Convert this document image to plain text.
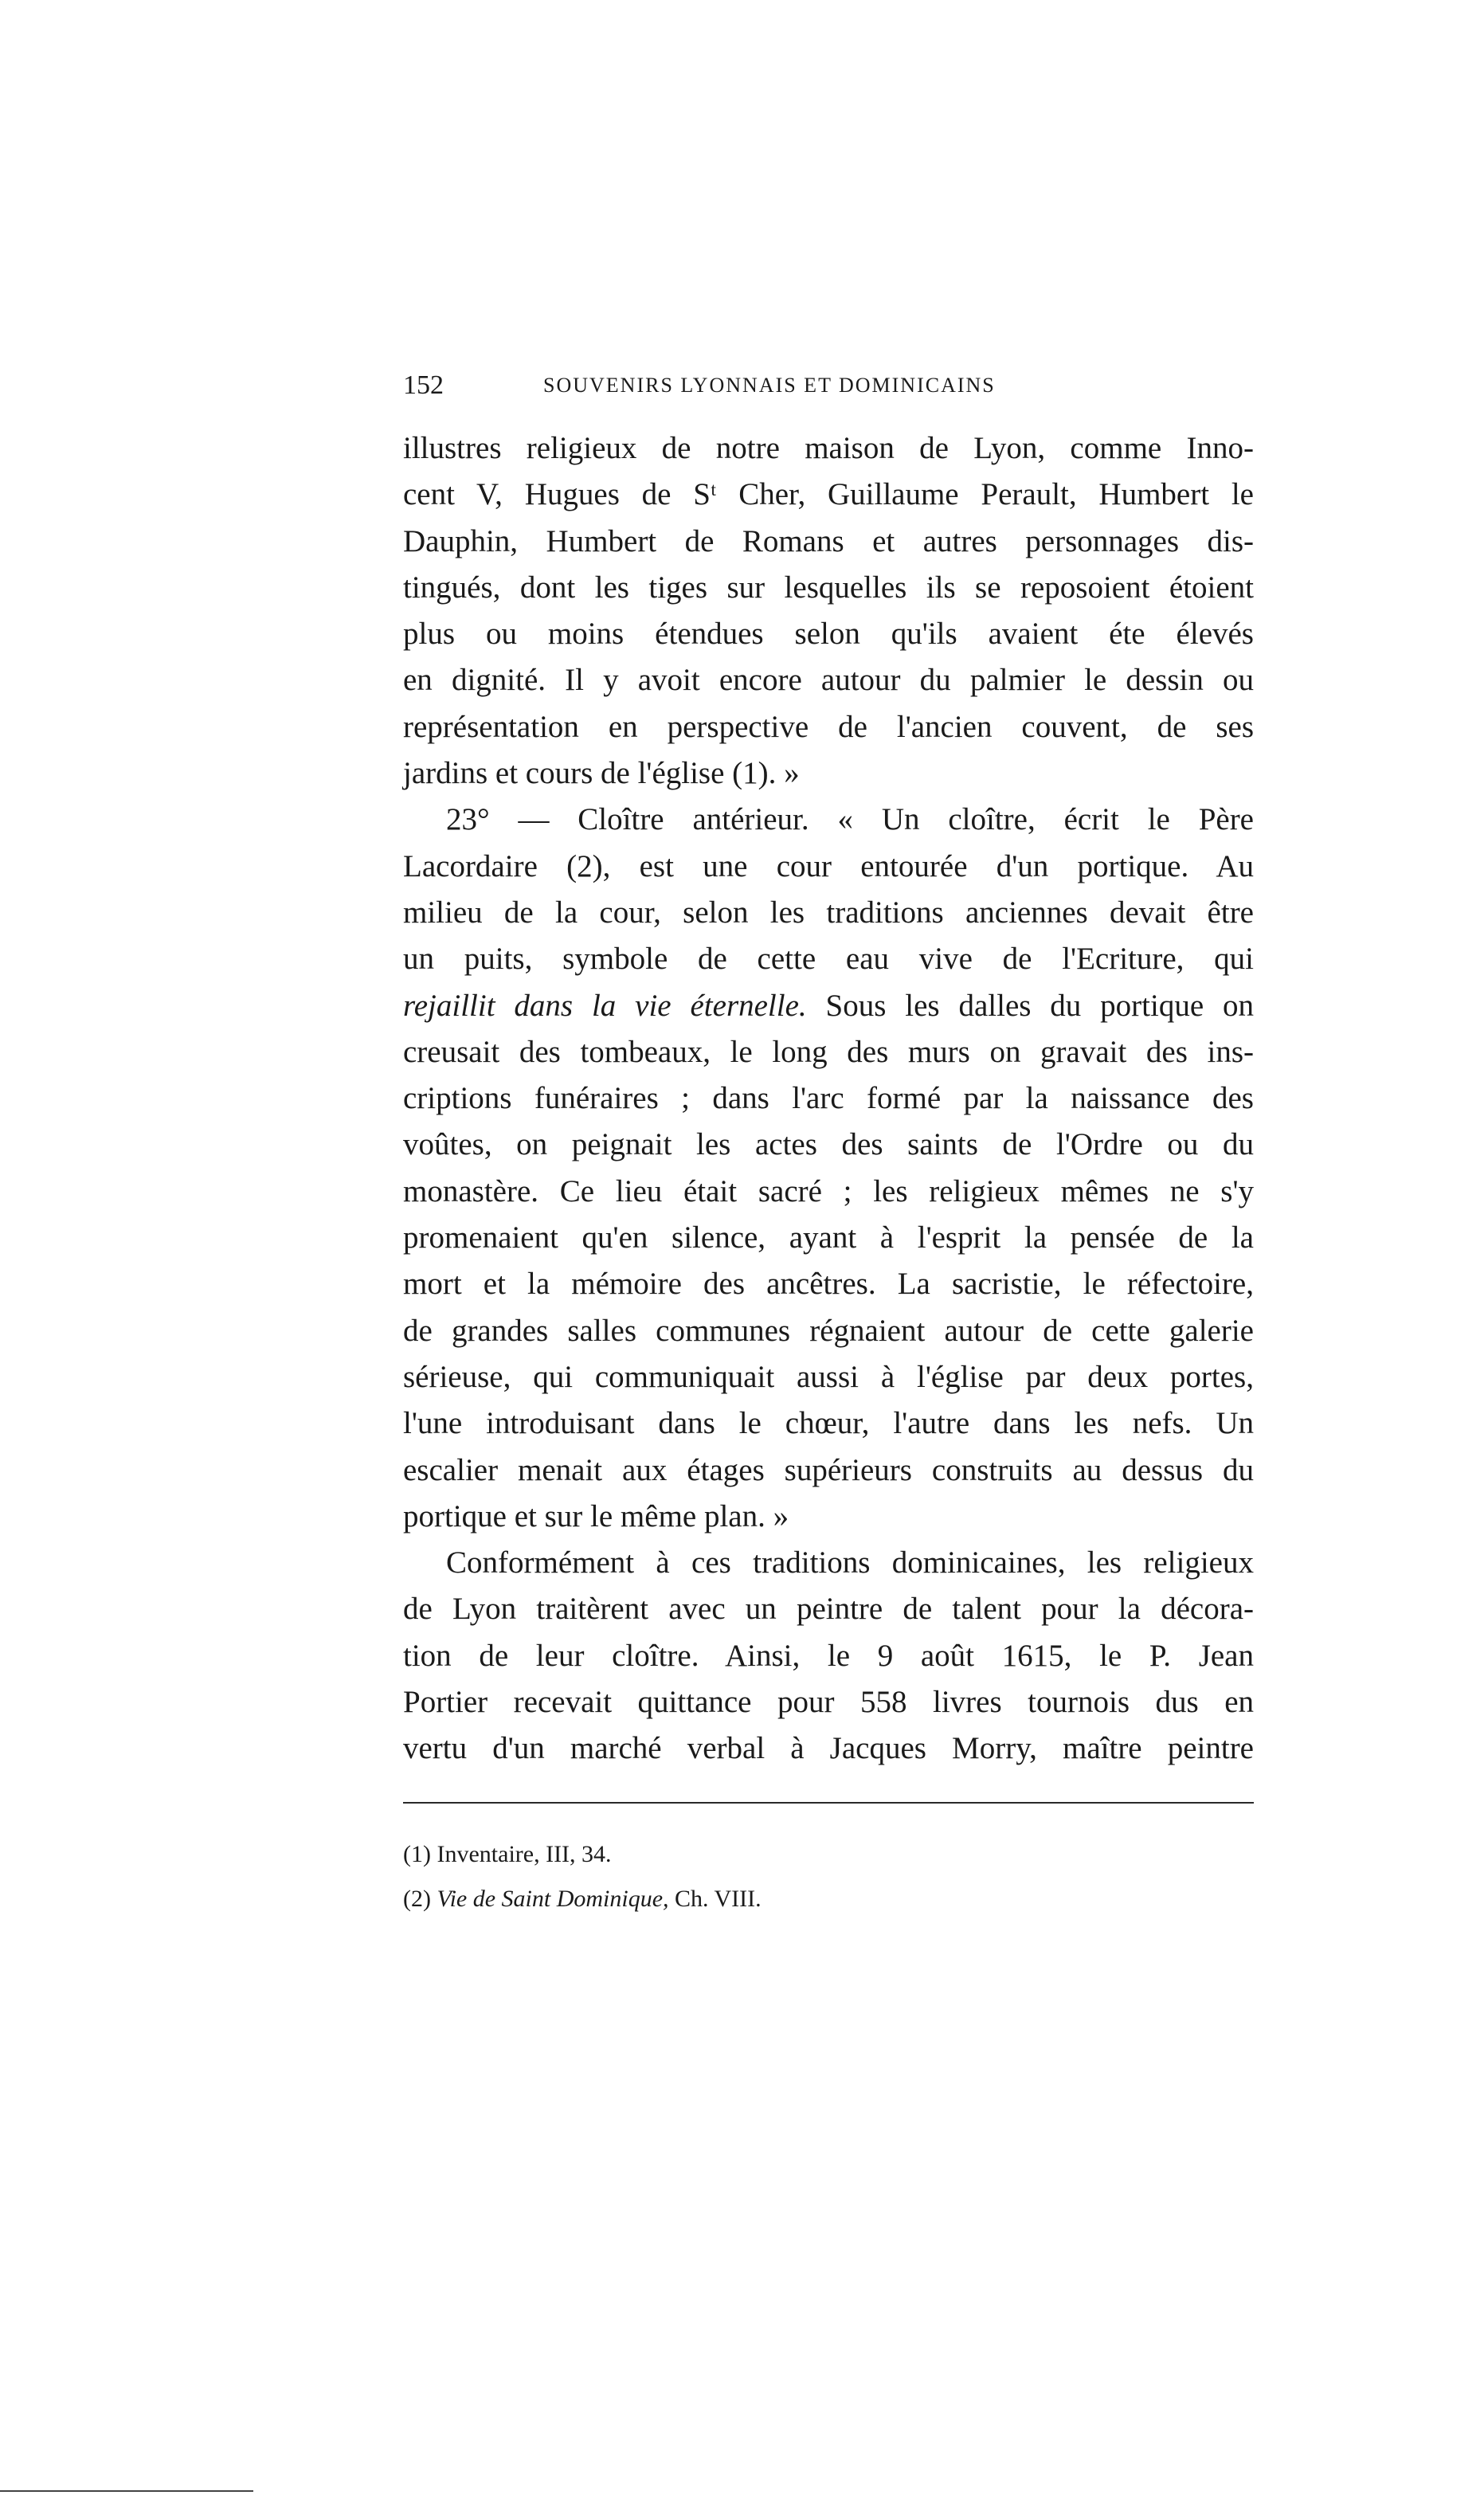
152	SOUVENIRS LYONNAIS ET DOMINICAINS
illustres religieux de notre maison de Lyon, comme Inno-
cent V, Hugues de Sᵗ Cher, Guillaume Perault, Humbert le
Dauphin, Humbert de Romans et autres personnages dis-
tingués, dont les tiges sur lesquelles ils se reposoient étoient
plus ou moins étendues selon qu'ils avaient éte élevés
en dignité. Il y avoit encore autour du palmier le dessin ou
représentation en perspective de l'ancien couvent, de ses
jardins et cours de l'église (1). »
23° — Cloître antérieur. « Un cloître, écrit le Père
Lacordaire (2), est une cour entourée d'un portique. Au
milieu de la cour, selon les traditions anciennes devait être
un puits, symbole de cette eau vive de l'Ecriture, qui
rejaillit dans la vie éternelle. Sous les dalles du portique on
creusait des tombeaux, le long des murs on gravait des ins-
criptions funéraires ; dans l'arc formé par la naissance des
voûtes, on peignait les actes des saints de l'Ordre ou du
monastère. Ce lieu était sacré ; les religieux mêmes ne s'y
promenaient qu'en silence, ayant à l'esprit la pensée de la
mort et la mémoire des ancêtres. La sacristie, le réfectoire,
de grandes salles communes régnaient autour de cette galerie
sérieuse, qui communiquait aussi à l'église par deux portes,
l'une introduisant dans le chœur, l'autre dans les nefs. Un
escalier menait aux étages supérieurs construits au dessus du
portique et sur le même plan. »
Conformément à ces traditions dominicaines, les religieux
de Lyon traitèrent avec un peintre de talent pour la décora-
tion de leur cloître. Ainsi, le 9 août 1615, le P. Jean
Portier recevait quittance pour 558 livres tournois dus en
vertu d'un marché verbal à Jacques Morry, maître peintre
(1) Inventaire, III, 34.
(2) Vie de Saint Dominique, Ch. VIII.
